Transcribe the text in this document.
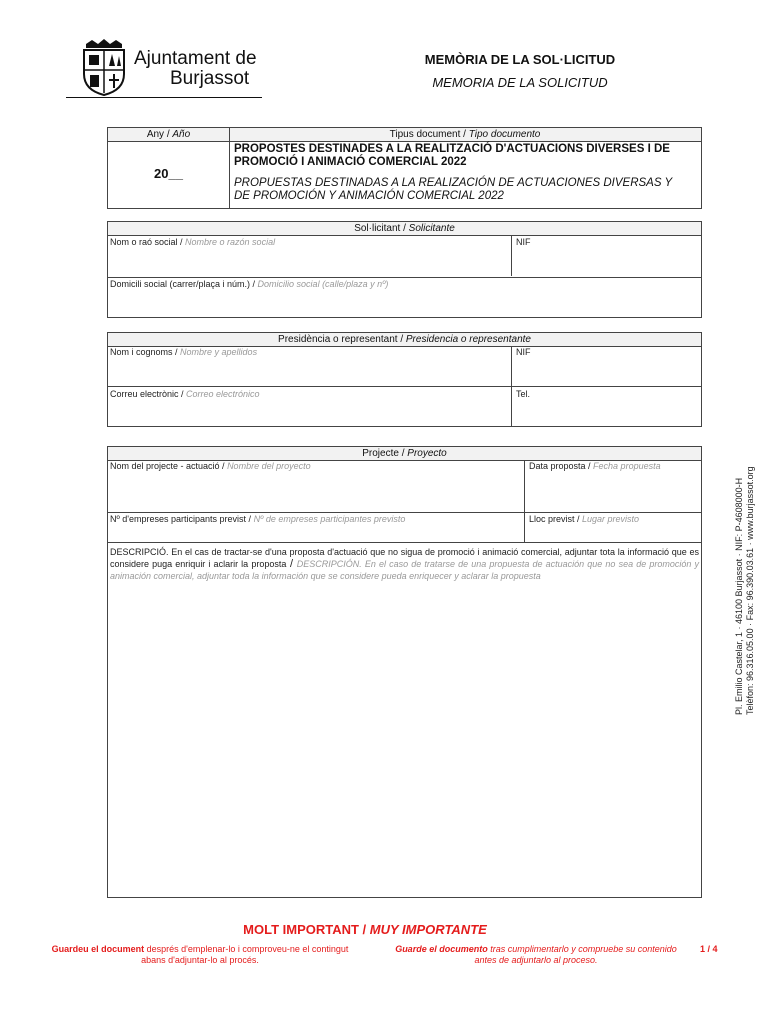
Ajuntament de
Burjassot
MEMÒRIA DE LA SOL·LICITUD
MEMORIA DE LA SOLICITUD
Any / Año	Tipus document / Tipo documento
20__
PROPOSTES DESTINADES A LA REALITZACIÓ D'ACTUACIONS DIVERSES I DE PROMOCIÓ I ANIMACIÓ COMERCIAL 2022
PROPUESTAS DESTINADAS A LA REALIZACIÓN DE ACTUACIONES DIVERSAS Y DE PROMOCIÓN Y ANIMACIÓN COMERCIAL 2022
Sol·licitant / Solicitante
Nom o raó social / Nombre o razón social	NIF
Domicili social (carrer/plaça i núm.) / Domicilio social (calle/plaza y nº)
Presidència o representant / Presidencia o representante
Nom i cognoms / Nombre y apellidos	NIF
Correu electrònic / Correo electrónico	Tel.
Projecte / Proyecto
Nom del projecte - actuació / Nombre del proyecto	Data proposta / Fecha propuesta
Nº d'empreses participants previst / Nº de empreses participantes previsto	Lloc previst / Lugar previsto
DESCRIPCIÓ. En el cas de tractar-se d'una proposta d'actuació que no sigua de promoció i animació comercial, adjuntar tota la informació que es considere puga enriquir i aclarir la proposta / DESCRIPCIÓN. En el caso de tratarse de una propuesta de actuación que no sea de promoción y animación comercial, adjuntar toda la información que se considere pueda enriquecer y aclarar la propuesta	Pl. Emilio Castelar, 1 · 46100 Burjassot · NIF: P-4608000-H Telèfon: 96.316.05.00 · Fax: 96.390.03.61 · www.burjassot.org
MOLT IMPORTANT / MUY IMPORTANTE
Guardeu el document després d'emplenar-lo i comproveu-ne el contingut abans d'adjuntar-lo al procés.
Guarde el documento tras cumplimentarlo y compruebe su contenido antes de adjuntarlo al proceso.
1 / 4
